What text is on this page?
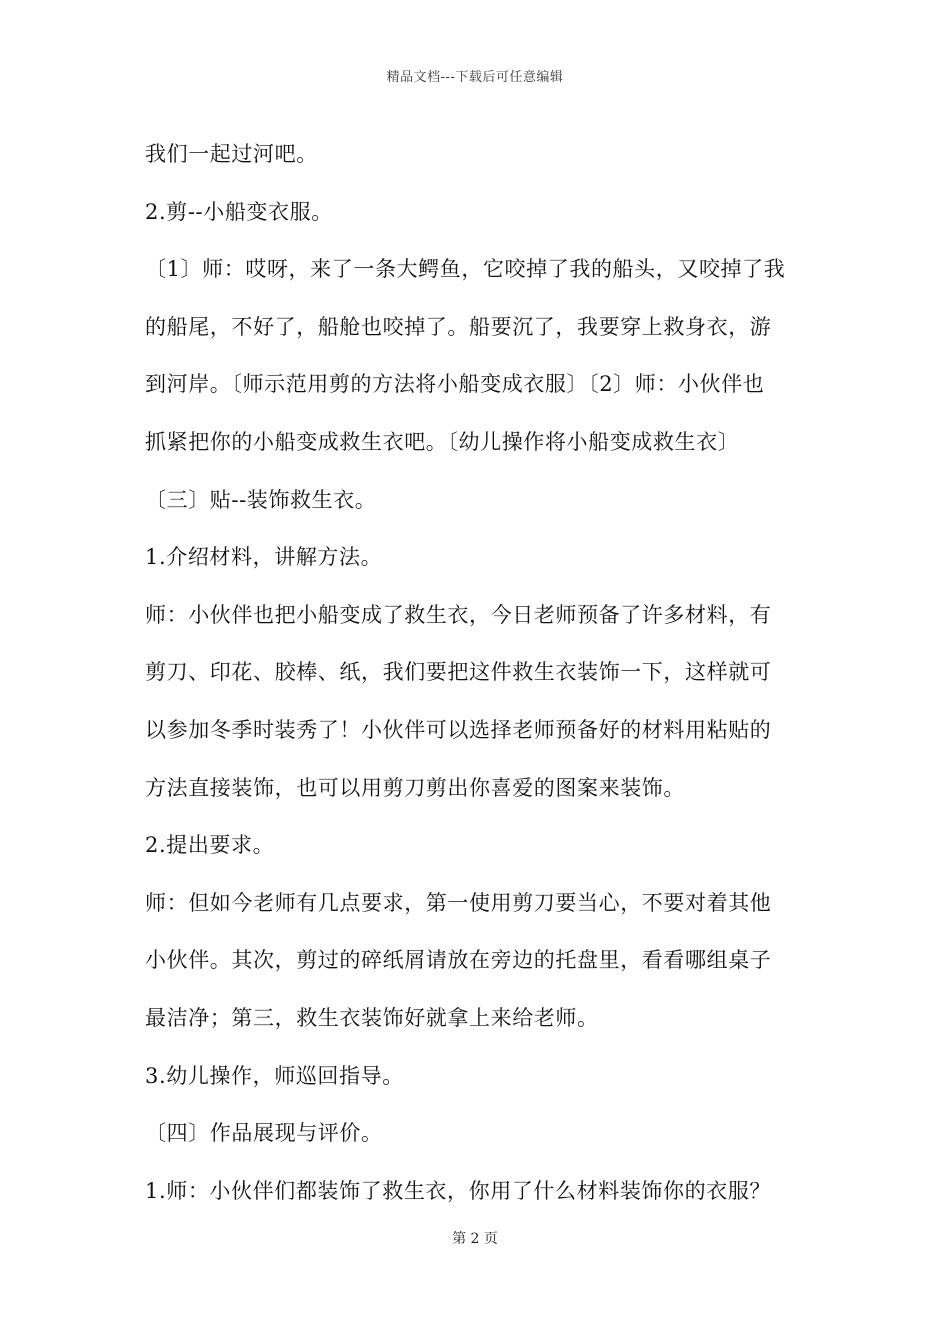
精品文档---下载后可任意编辑
我们一起过河吧。
2.剪--小船变衣服。
〔1〕师：哎呀，来了一条大鳄鱼，它咬掉了我的船头，又咬掉了我
的船尾，不好了，船舱也咬掉了。船要沉了，我要穿上救身衣，游
到河岸。〔师示范用剪的方法将小船变成衣服〕〔2〕师：小伙伴也
抓紧把你的小船变成救生衣吧。〔幼儿操作将小船变成救生衣〕
〔三〕贴--装饰救生衣。
1.介绍材料，讲解方法。
师：小伙伴也把小船变成了救生衣，今日老师预备了许多材料，有
剪刀、印花、胶棒、纸，我们要把这件救生衣装饰一下，这样就可
以参加冬季时装秀了！小伙伴可以选择老师预备好的材料用粘贴的
方法直接装饰，也可以用剪刀剪出你喜爱的图案来装饰。
2.提出要求。
师：但如今老师有几点要求，第一使用剪刀要当心，不要对着其他
小伙伴。其次，剪过的碎纸屑请放在旁边的托盘里，看看哪组桌子
最洁净；第三，救生衣装饰好就拿上来给老师。
3.幼儿操作，师巡回指导。
〔四〕作品展现与评价。
1.师：小伙伴们都装饰了救生衣，你用了什么材料装饰你的衣服？
第 2 页
